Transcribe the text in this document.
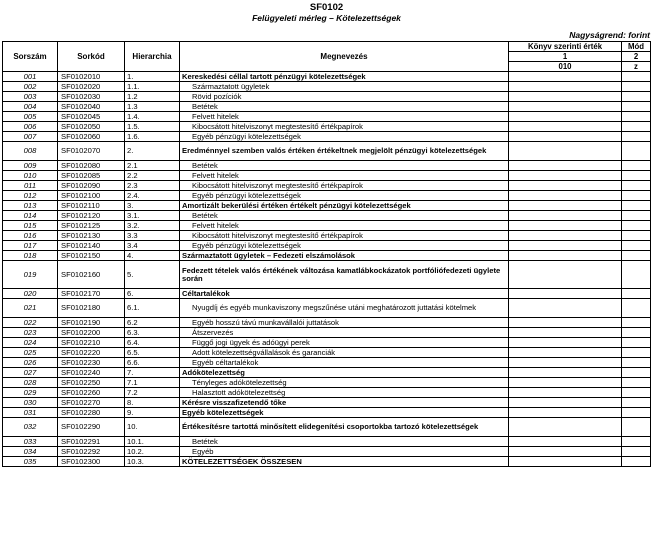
SF0102
Felügyeleti mérleg – Kötelezettségek
Nagyságrend: forint
Sorszám	Sorkód	Hierarchia	Megnevezés	Könyv szerinti érték	Mód
				1	2
				010	z
001	SF0102010	1.	Kereskedési céllal tartott pénzügyi kötelezettségek		
002	SF0102020	1.1.	Származtatott ügyletek		
003	SF0102030	1.2	Rövid pozíciók		
004	SF0102040	1.3	Betétek		
005	SF0102045	1.4.	Felvett hitelek		
006	SF0102050	1.5.	Kibocsátott hitelviszonyt megtestesítő értékpapírok		
007	SF0102060	1.6.	Egyéb pénzügyi kötelezettségek		
008	SF0102070	2.	Eredménnyel szemben valós értéken értékeltnek megjelölt pénzügyi kötelezettségek		
009	SF0102080	2.1	Betétek		
010	SF0102085	2.2	Felvett hitelek		
011	SF0102090	2.3	Kibocsátott hitelviszonyt megtestesítő értékpapírok		
012	SF0102100	2.4.	Egyéb pénzügyi kötelezettségek		
013	SF0102110	3.	Amortizált bekerülési értéken értékelt pénzügyi kötelezettségek		
014	SF0102120	3.1.	Betétek		
015	SF0102125	3.2.	Felvett hitelek		
016	SF0102130	3.3	Kibocsátott hitelviszonyt megtestesítő értékpapírok		
017	SF0102140	3.4	Egyéb pénzügyi kötelezettségek		
018	SF0102150	4.	Származtatott ügyletek – Fedezeti elszámolások		
019	SF0102160	5.	Fedezett tételek valós értékének változása kamatlábkockázatok portfóliófedezeti ügylete során		
020	SF0102170	6.	Céltartalékok		
021	SF0102180	6.1.	Nyugdíj és egyéb munkaviszony megszűnése utáni meghatározott juttatási kötelmek		
022	SF0102190	6.2	Egyéb hosszú távú munkavállalói juttatások		
023	SF0102200	6.3.	Átszervezés		
024	SF0102210	6.4.	Függő jogi ügyek és adóügyi perek		
025	SF0102220	6.5.	Adott kötelezettségvállalások és garanciák		
026	SF0102230	6.6.	Egyéb céltartalékok		
027	SF0102240	7.	Adókötelezettség		
028	SF0102250	7.1	Tényleges adókötelezettség		
029	SF0102260	7.2	Halasztott adókötelezettség		
030	SF0102270	8.	Kérésre visszafizetendő tőke		
031	SF0102280	9.	Egyéb kötelezettségek		
032	SF0102290	10.	Értékesítésre tartottá minősített elidegenítési csoportokba tartozó kötelezettségek		
033	SF0102291	10.1.	Betétek		
034	SF0102292	10.2.	Egyéb		
035	SF0102300	10.3.	KÖTELEZETTSÉGEK ÖSSZESEN		
